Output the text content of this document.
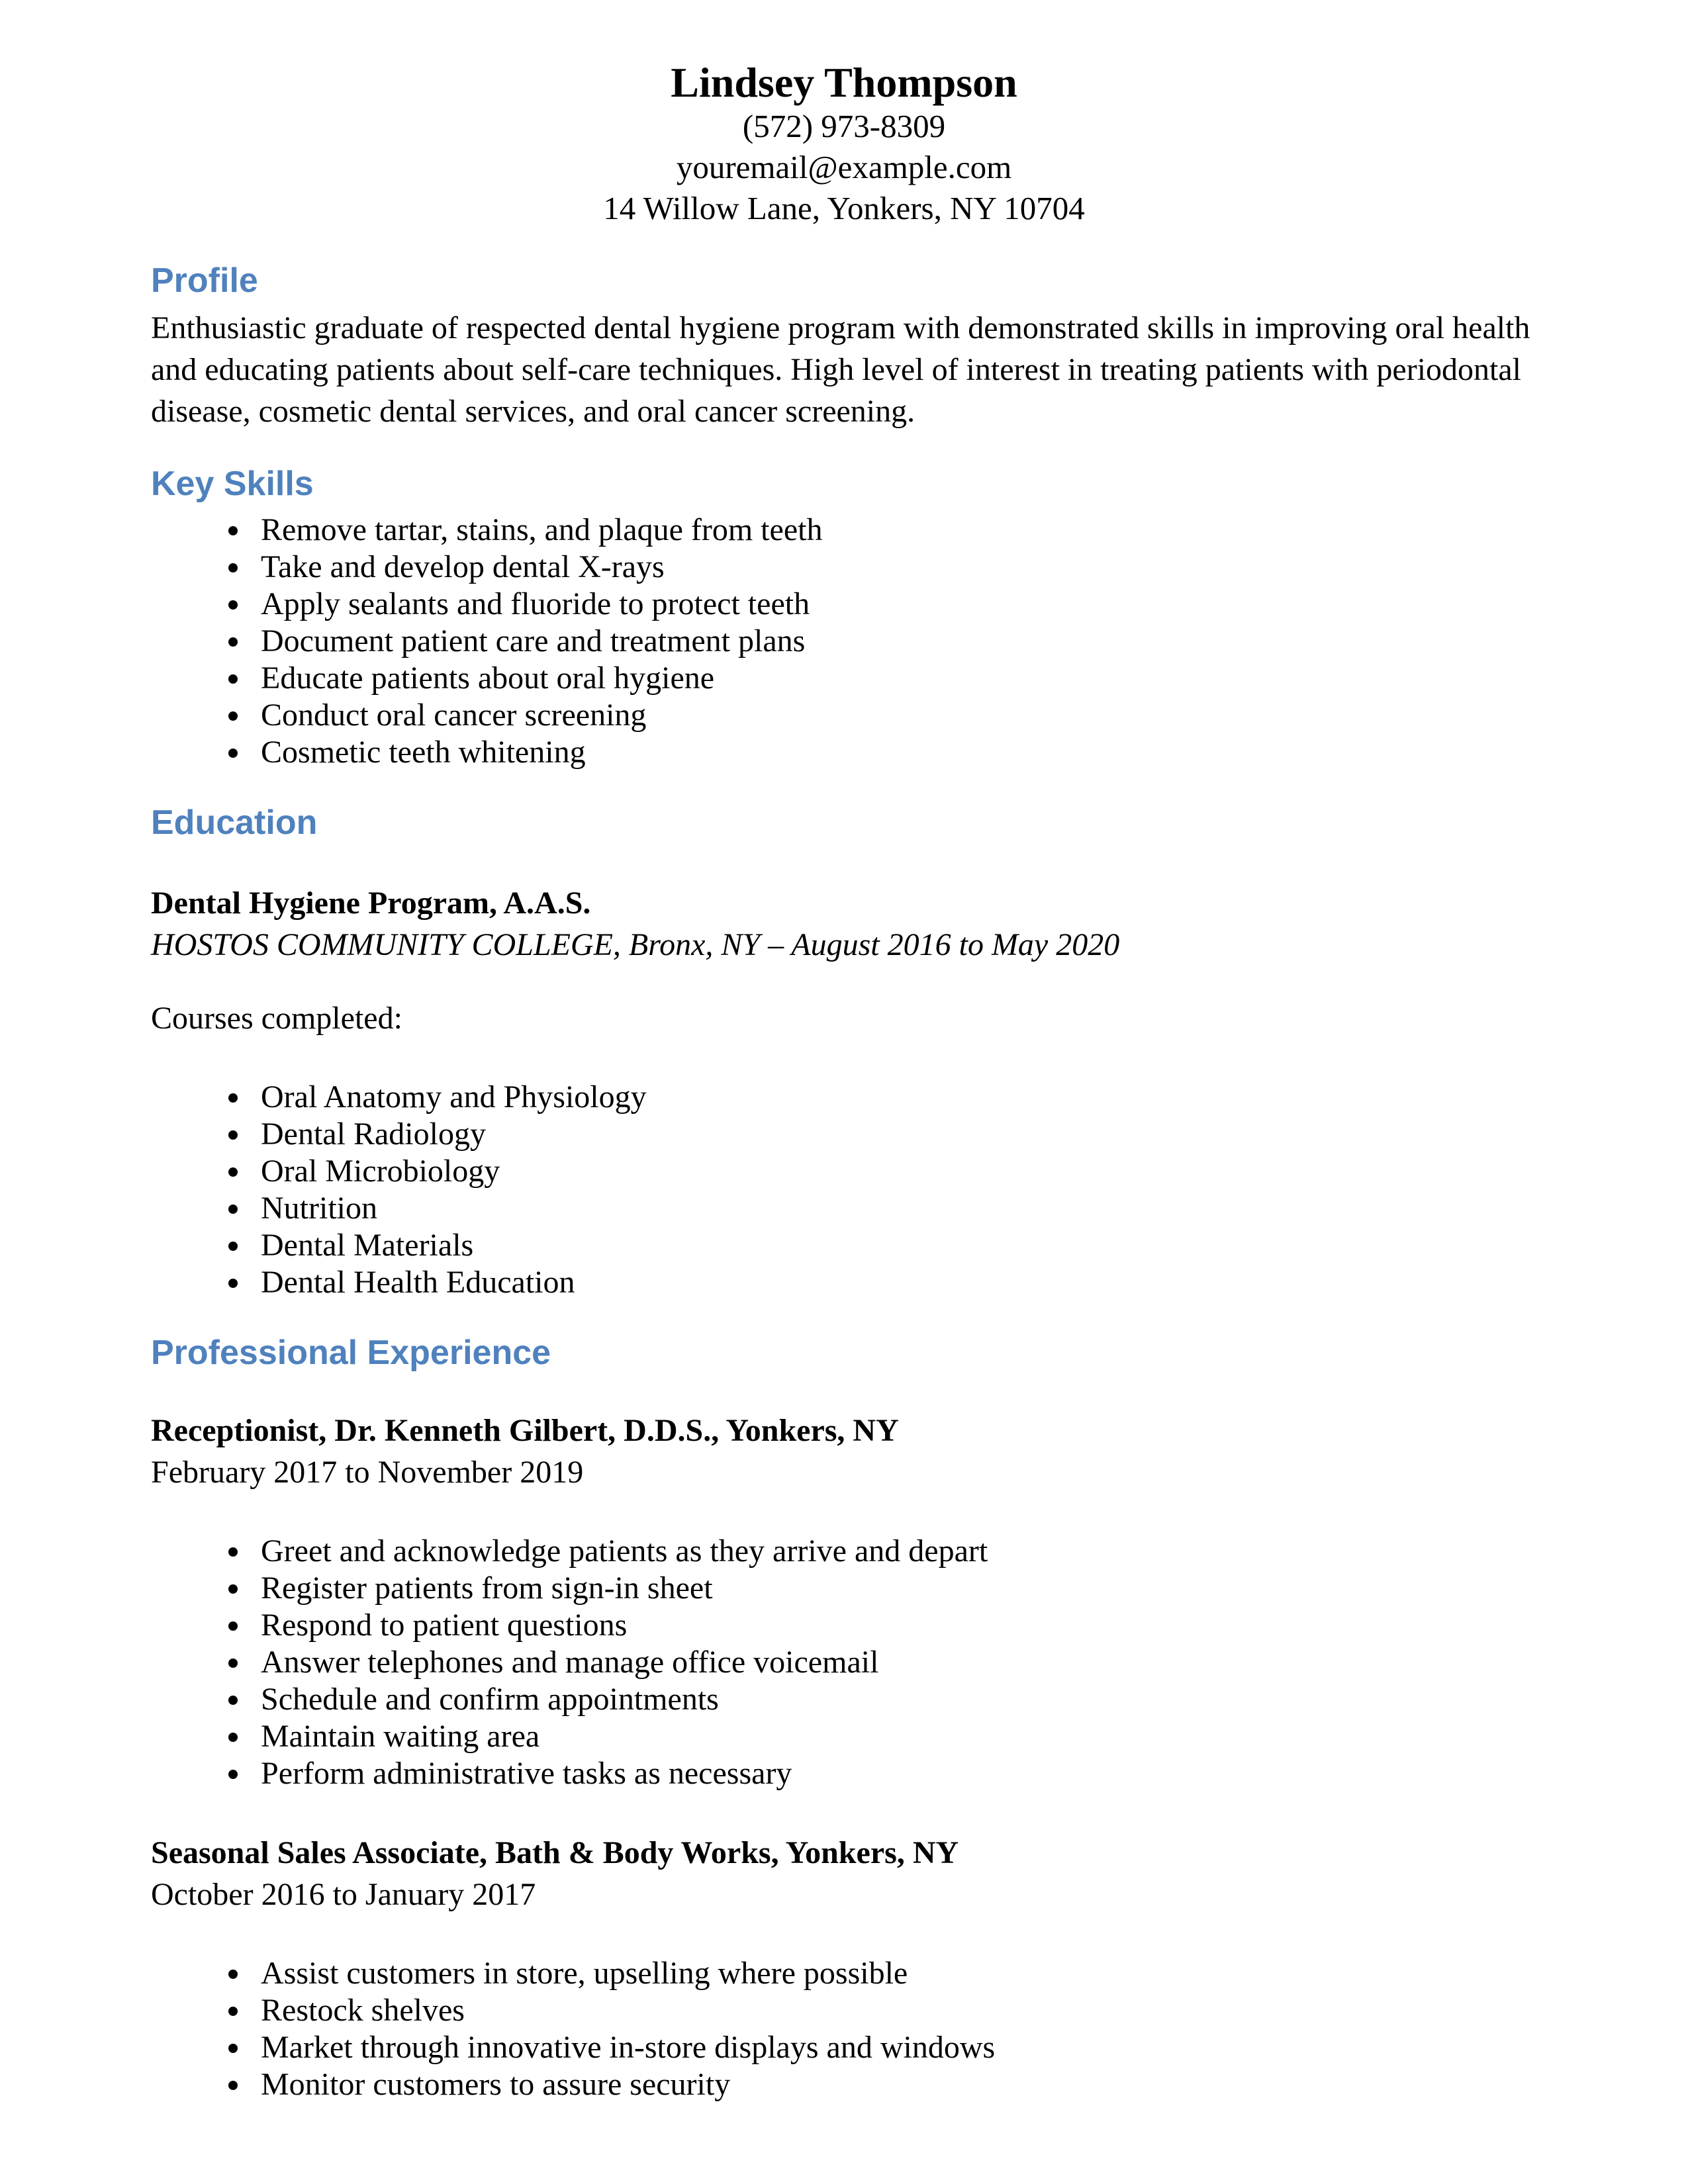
Lindsey Thompson
(572) 973-8309
youremail@example.com
14 Willow Lane, Yonkers, NY 10704
Profile

Enthusiastic graduate of respected dental hygiene program with demonstrated skills in improving oral health and educating patients about self-care techniques. High level of interest in treating patients with periodontal disease, cosmetic dental services, and oral cancer screening.

Key Skills
• Remove tartar, stains, and plaque from teeth
• Take and develop dental X-rays
• Apply sealants and fluoride to protect teeth
• Document patient care and treatment plans
• Educate patients about oral hygiene
• Conduct oral cancer screening
• Cosmetic teeth whitening
Education

Dental Hygiene Program, A.A.S.

HOSTOS COMMUNITY COLLEGE, Bronx, NY – August 2016 to May 2020

Courses completed:

• Oral Anatomy and Physiology
• Dental Radiology
• Oral Microbiology
• Nutrition
• Dental Materials
• Dental Health Education
Professional Experience

Receptionist, Dr. Kenneth Gilbert, D.D.S., Yonkers, NY

February 2017 to November 2019

• Greet and acknowledge patients as they arrive and depart
• Register patients from sign-in sheet
• Respond to patient questions
• Answer telephones and manage office voicemail
• Schedule and confirm appointments
• Maintain waiting area
• Perform administrative tasks as necessary

Seasonal Sales Associate, Bath & Body Works, Yonkers, NY

October 2016 to January 2017

• Assist customers in store, upselling where possible
• Restock shelves
• Market through innovative in-store displays and windows
• Monitor customers to assure security
